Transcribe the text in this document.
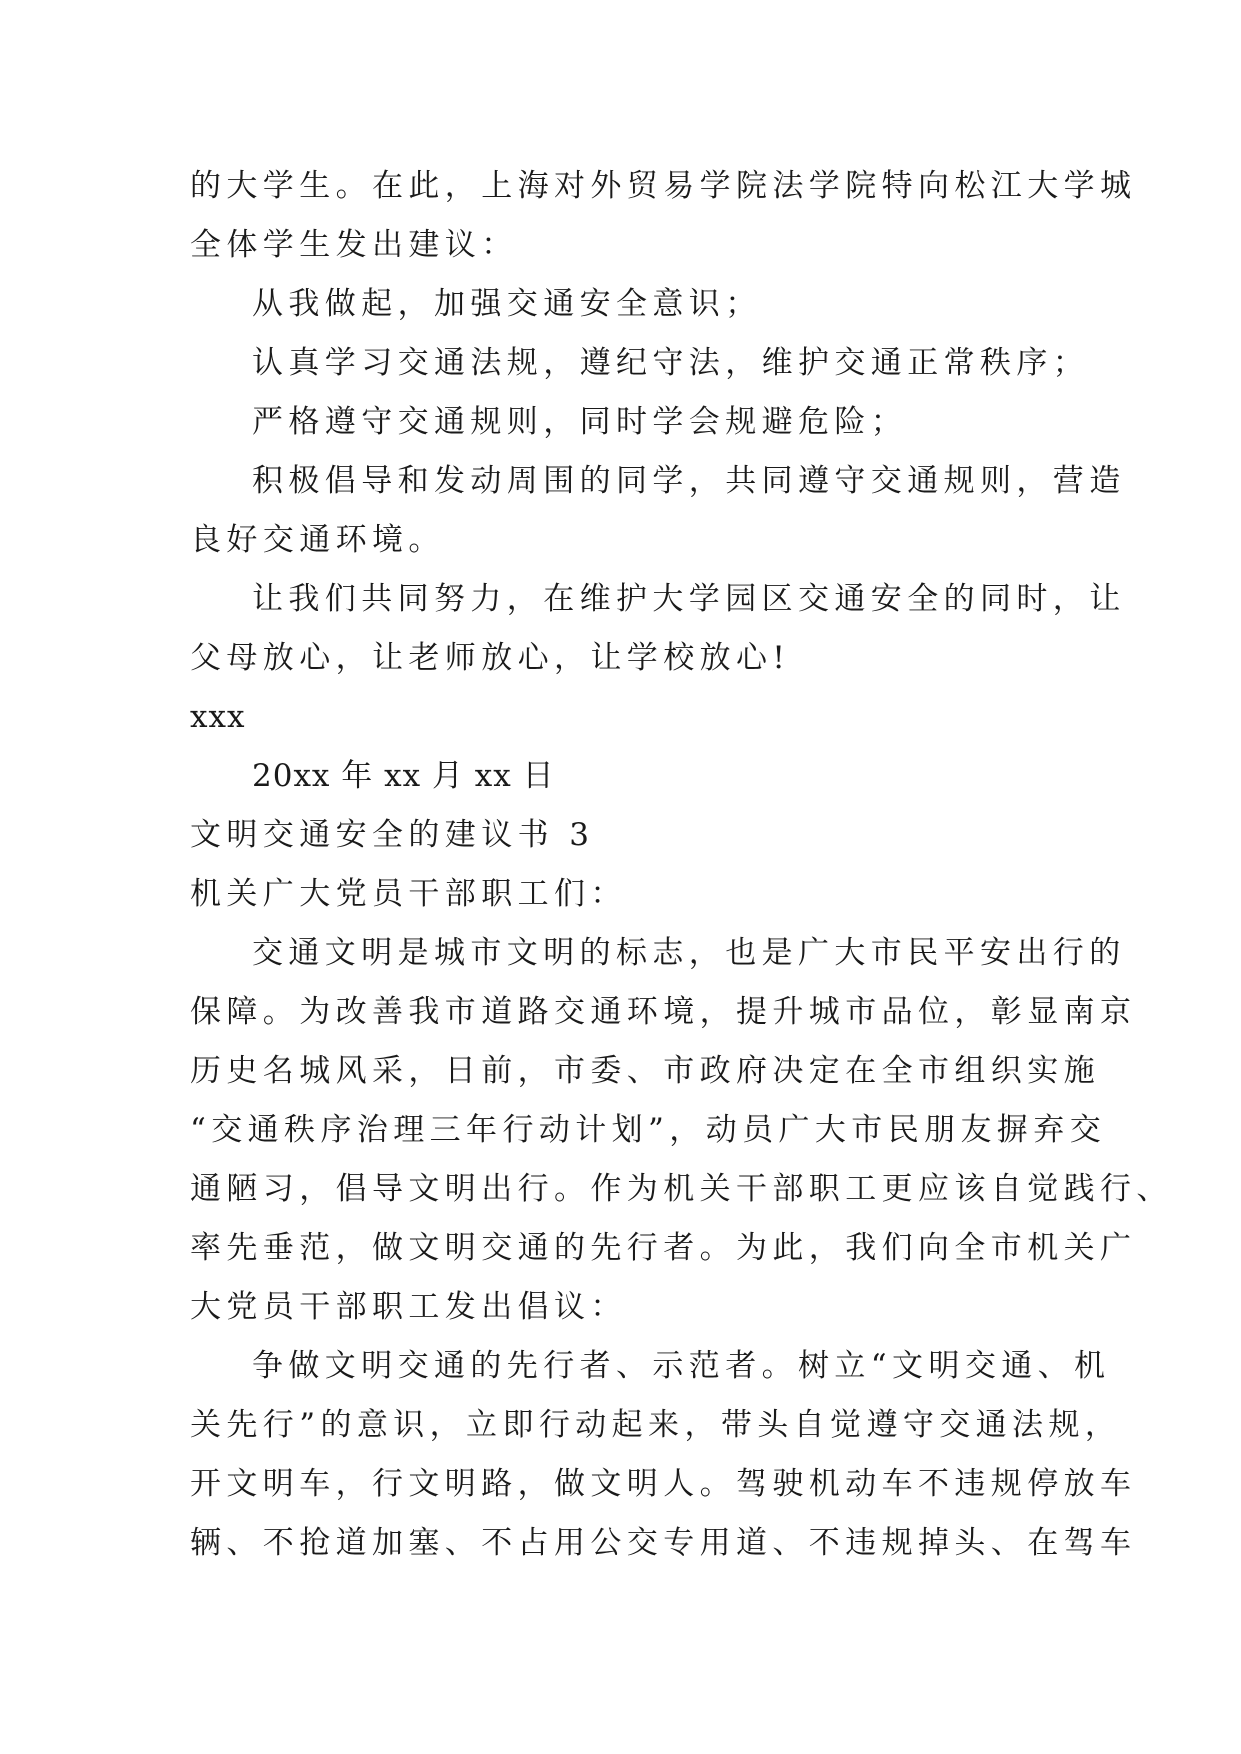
的大学生。在此，上海对外贸易学院法学院特向松江大学城

全体学生发出建议：

从我做起，加强交通安全意识；

认真学习交通法规，遵纪守法，维护交通正常秩序；

严格遵守交通规则，同时学会规避危险；

积极倡导和发动周围的同学，共同遵守交通规则，营造

良好交通环境。

让我们共同努力，在维护大学园区交通安全的同时，让

父母放心，让老师放心，让学校放心!

xxx

20xx 年 xx 月 xx 日

文明交通安全的建议书 3

机关广大党员干部职工们：

交通文明是城市文明的标志，也是广大市民平安出行的

保障。为改善我市道路交通环境，提升城市品位，彰显南京

历史名城风采，日前，市委、市政府决定在全市组织实施

“交通秩序治理三年行动计划”，动员广大市民朋友摒弃交

通陋习，倡导文明出行。作为机关干部职工更应该自觉践行、

率先垂范，做文明交通的先行者。为此，我们向全市机关广

大党员干部职工发出倡议：

争做文明交通的先行者、示范者。树立“文明交通、机

关先行”的意识，立即行动起来，带头自觉遵守交通法规，

开文明车，行文明路，做文明人。驾驶机动车不违规停放车

辆、不抢道加塞、不占用公交专用道、不违规掉头、在驾车
